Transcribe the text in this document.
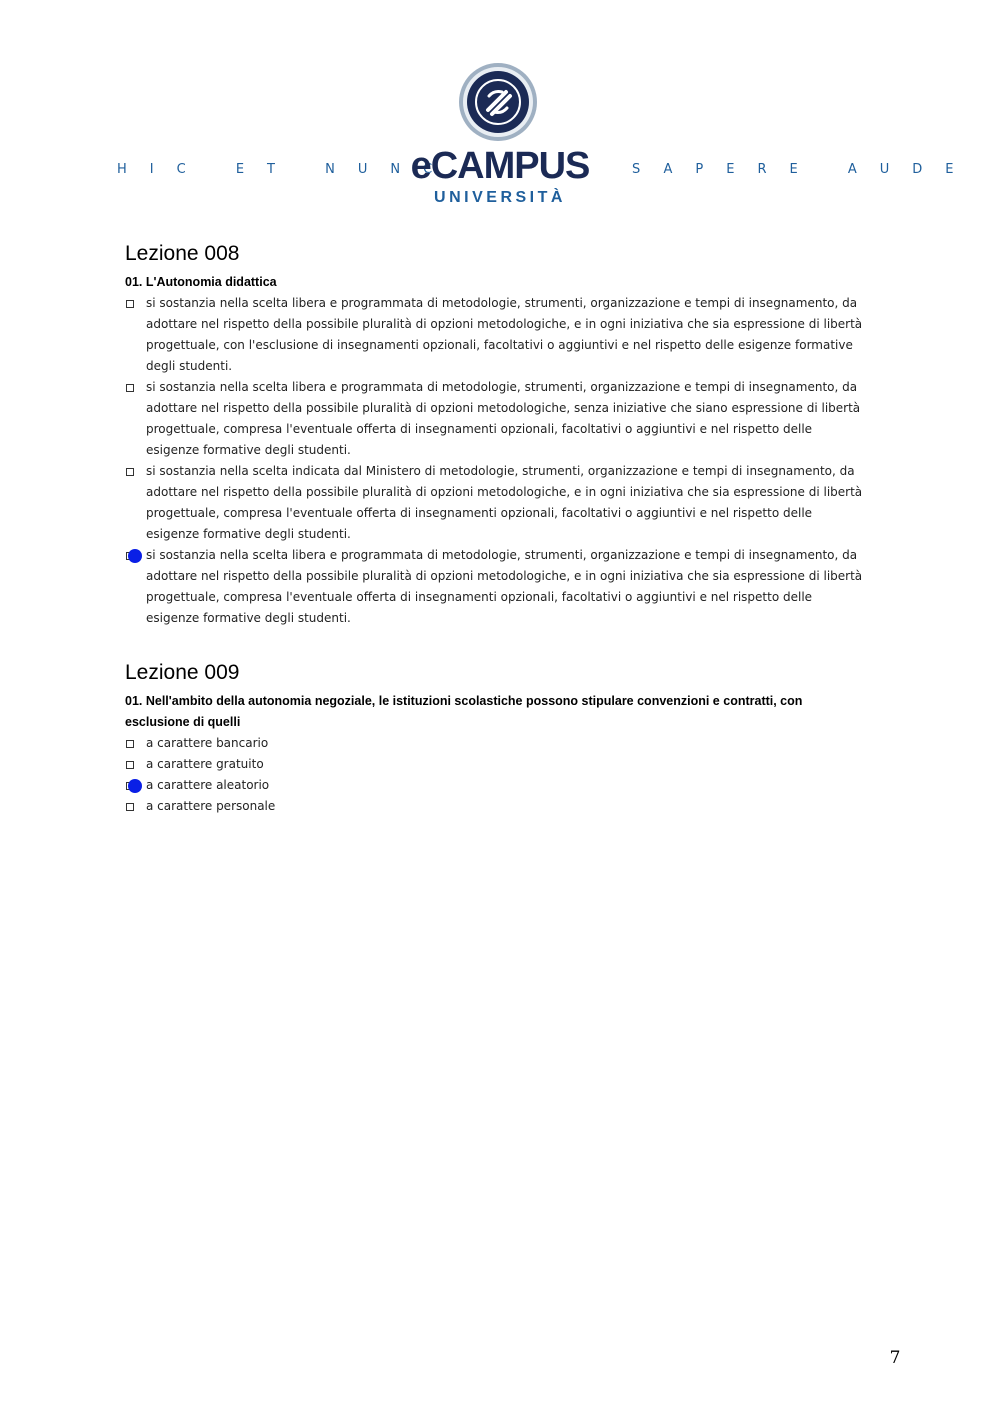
HIC ET NUNC
eCAMPUS
UNIVERSITÀ
SAPERE AUDE
Lezione 008
01. L'Autonomia didattica
si sostanzia nella scelta libera e programmata di metodologie, strumenti, organizzazione e tempi di insegnamento, da adottare nel rispetto della possibile pluralità di opzioni metodologiche, e in ogni iniziativa che sia espressione di libertà progettuale, con l'esclusione di insegnamenti opzionali, facoltativi o aggiuntivi e nel rispetto delle esigenze formative degli studenti.
si sostanzia nella scelta libera e programmata di metodologie, strumenti, organizzazione e tempi di insegnamento, da adottare nel rispetto della possibile pluralità di opzioni metodologiche, senza iniziative che siano espressione di libertà progettuale, compresa l'eventuale offerta di insegnamenti opzionali, facoltativi o aggiuntivi e nel rispetto delle esigenze formative degli studenti.
si sostanzia nella scelta indicata dal Ministero di metodologie, strumenti, organizzazione e tempi di insegnamento, da adottare nel rispetto della possibile pluralità di opzioni metodologiche, e in ogni iniziativa che sia espressione di libertà progettuale, compresa l'eventuale offerta di insegnamenti opzionali, facoltativi o aggiuntivi e nel rispetto delle esigenze formative degli studenti.
si sostanzia nella scelta libera e programmata di metodologie, strumenti, organizzazione e tempi di insegnamento, da adottare nel rispetto della possibile pluralità di opzioni metodologiche, e in ogni iniziativa che sia espressione di libertà progettuale, compresa l'eventuale offerta di insegnamenti opzionali, facoltativi o aggiuntivi e nel rispetto delle esigenze formative degli studenti.
Lezione 009
01. Nell'ambito della autonomia negoziale, le istituzioni scolastiche possono stipulare convenzioni e contratti, con esclusione di quelli
a carattere bancario
a carattere gratuito
a carattere aleatorio
a carattere personale
7
